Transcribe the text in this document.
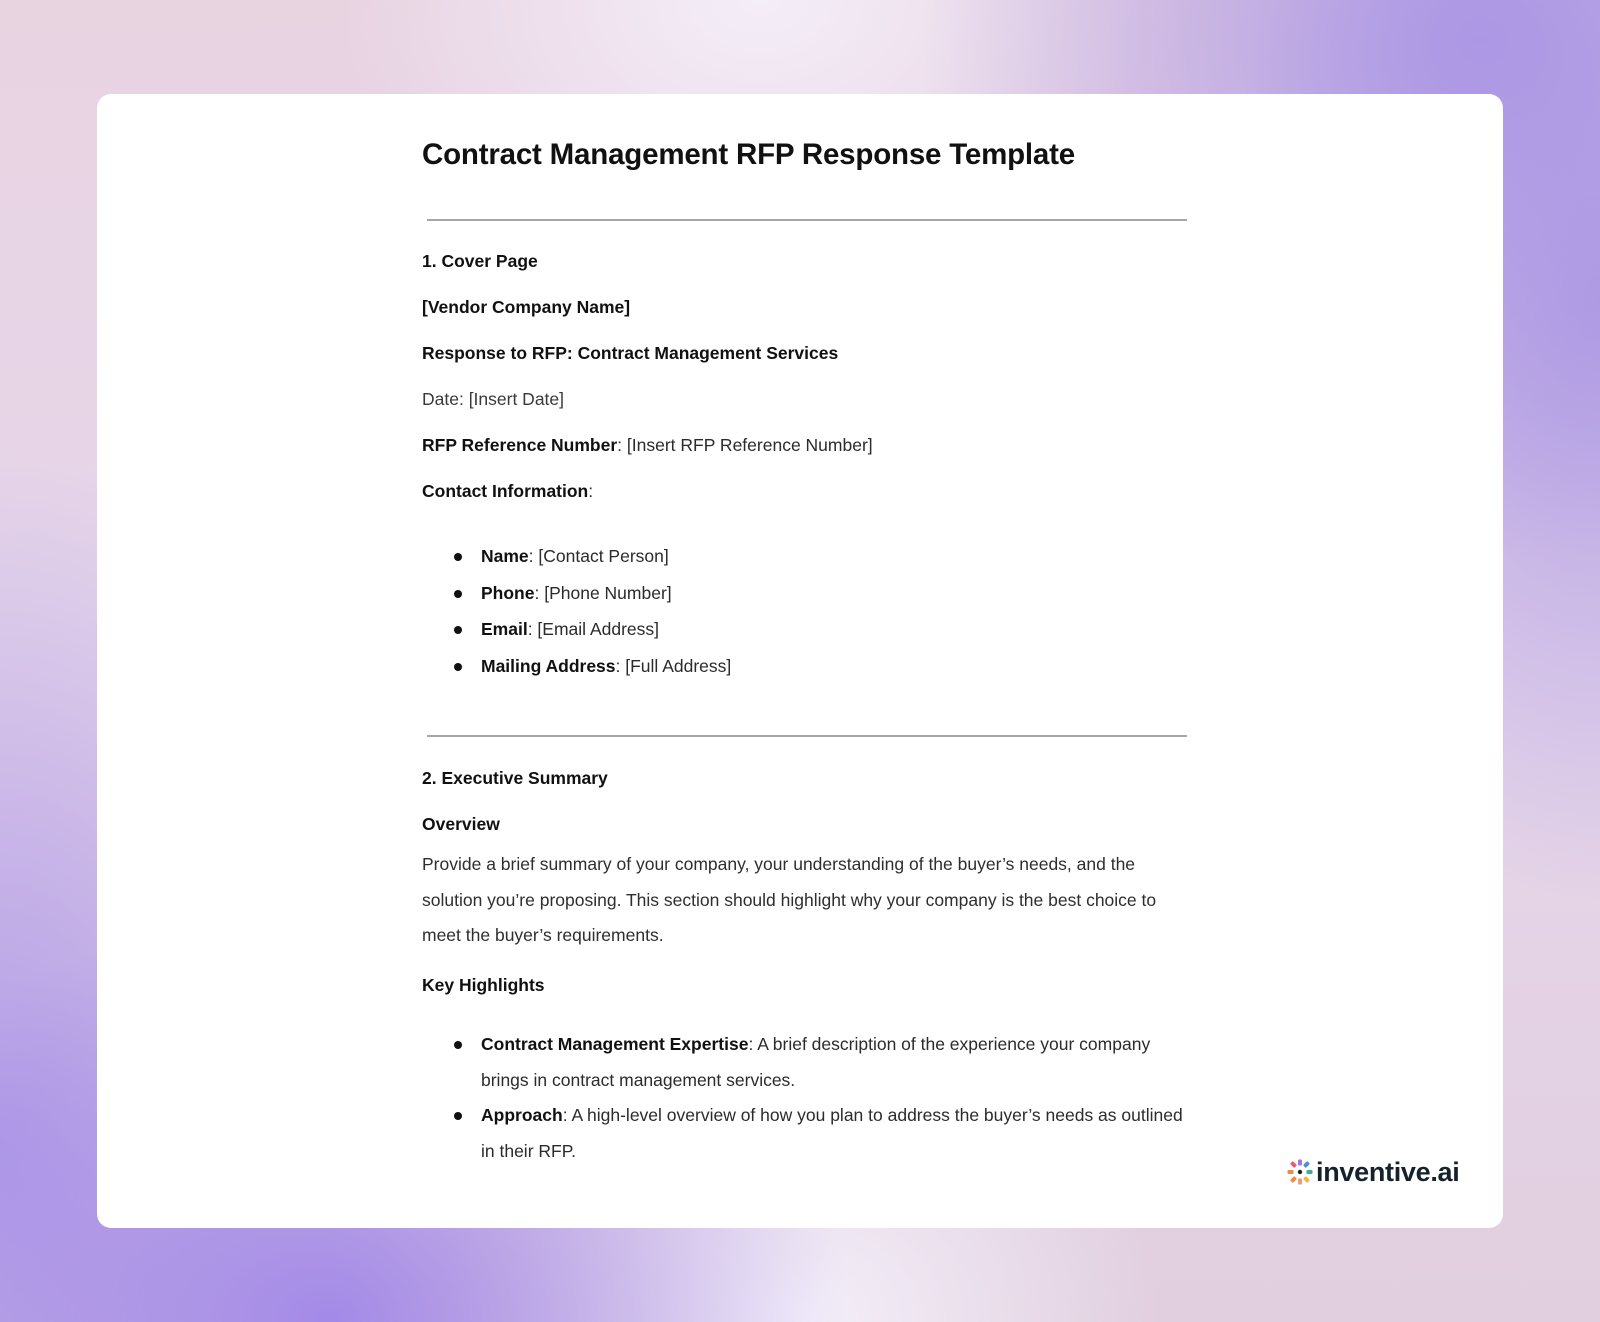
Contract Management RFP Response Template
1. Cover Page
[Vendor Company Name]
Response to RFP: Contract Management Services
Date: [Insert Date]
RFP Reference Number: [Insert RFP Reference Number]
Contact Information:
Name: [Contact Person]
Phone: [Phone Number]
Email: [Email Address]
Mailing Address: [Full Address]
2. Executive Summary
Overview

Provide a brief summary of your company, your understanding of the buyer’s needs, and the solution you’re proposing. This section should highlight why your company is the best choice to meet the buyer’s requirements.

Key Highlights
Contract Management Expertise: A brief description of the experience your company brings in contract management services.
Approach: A high-level overview of how you plan to address the buyer’s needs as outlined in their RFP.
inventive.ai
